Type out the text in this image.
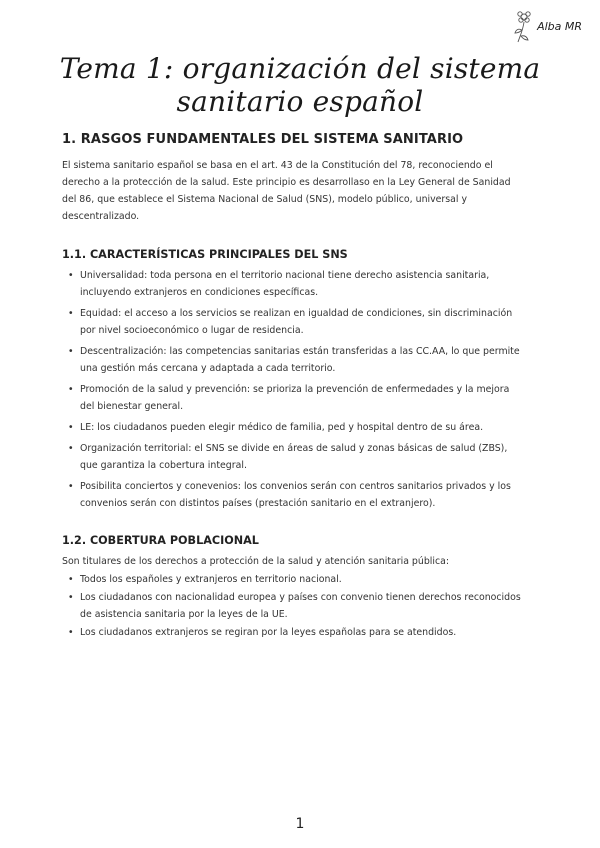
Alba MR
Tema 1: organización del sistema sanitario español
1. RASGOS FUNDAMENTALES DEL SISTEMA SANITARIO

El sistema sanitario español se basa en el art. 43 de la Constitución del 78, reconociendo el derecho a la protección de la salud. Este principio es desarrollaso en la Ley General de Sanidad del 86, que establece el Sistema Nacional de Salud (SNS), modelo público, universal y descentralizado.

1.1. CARACTERÍSTICAS PRINCIPALES DEL SNS
• Universalidad: toda persona en el territorio nacional tiene derecho asistencia sanitaria, incluyendo extranjeros en condiciones específicas.
• Equidad: el acceso a los servicios se realizan en igualdad de condiciones, sin discriminación por nivel socioeconómico o lugar de residencia.
• Descentralización: las competencias sanitarias están transferidas a las CC.AA, lo que permite una gestión más cercana y adaptada a cada territorio.
• Promoción de la salud y prevención: se prioriza la prevención de enfermedades y la mejora del bienestar general.
• LE: los ciudadanos pueden elegir médico de familia, ped y hospital dentro de su área.
• Organización territorial: el SNS se divide en áreas de salud y zonas básicas de salud (ZBS), que garantiza la cobertura integral.
• Posibilita conciertos y conevenios: los convenios serán con centros sanitarios privados y los convenios serán con distintos países (prestación sanitario en el extranjero).
1.2. COBERTURA POBLACIONAL

Son titulares de los derechos a protección de la salud y atención sanitaria pública:

• Todos los españoles y extranjeros en territorio nacional.
• Los ciudadanos con nacionalidad europea y países con convenio tienen derechos reconocidos de asistencia sanitaria por la leyes de la UE.
• Los ciudadanos extranjeros se regiran por la leyes españolas para se atendidos.
1
